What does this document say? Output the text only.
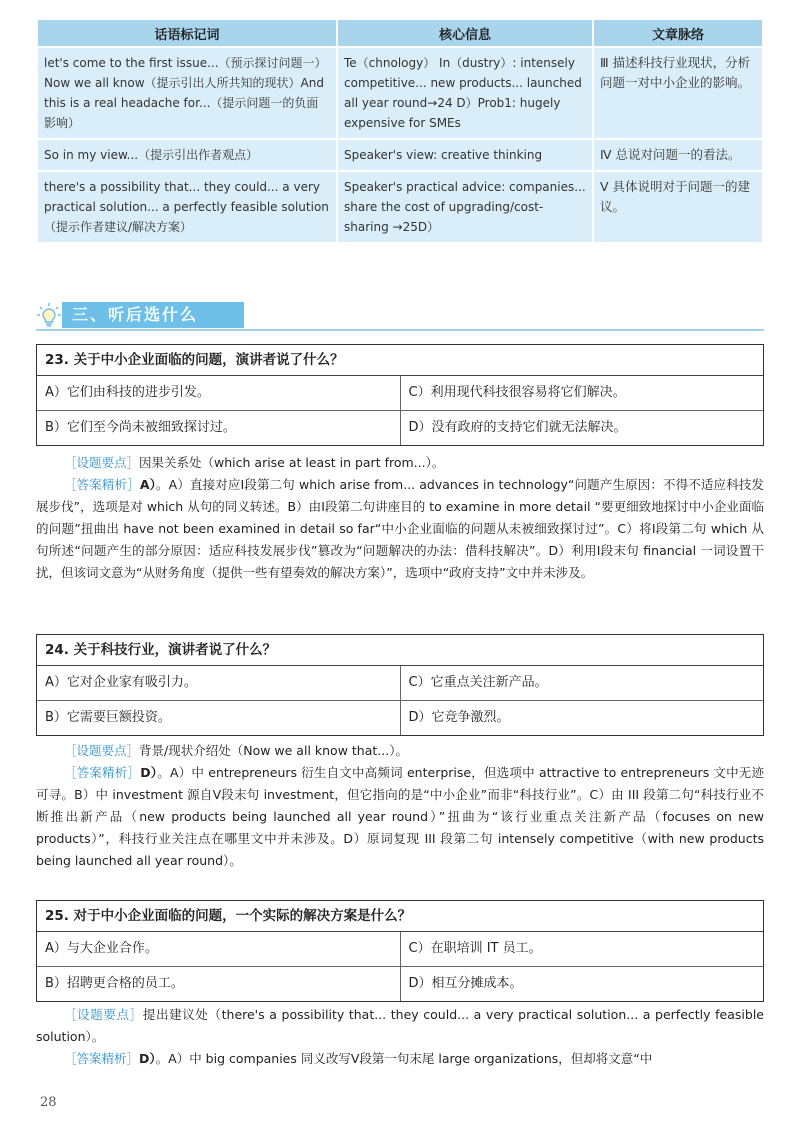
话语标记词	核心信息	文章脉络
let's come to the first issue...（预示探讨问题一）Now we all know（提示引出人所共知的现状）And this is a real headache for...（提示问题一的负面影响）	Te（chnology） In（dustry）: intensely competitive... new products... launched all year round→24 D）Prob1: hugely expensive for SMEs	Ⅲ 描述科技行业现状，分析问题一对中小企业的影响。
So in my view...（提示引出作者观点）	Speaker's view: creative thinking	Ⅳ 总说对问题一的看法。
there's a possibility that... they could... a very practical solution... a perfectly feasible solution（提示作者建议/解决方案）	Speaker's practical advice: companies... share the cost of upgrading/cost-sharing →25D）	Ⅴ 具体说明对于问题一的建议。
三、听后选什么
23. 关于中小企业面临的问题，演讲者说了什么？
A）它们由科技的进步引发。	C）利用现代科技很容易将它们解决。
B）它们至今尚未被细致探讨过。	D）没有政府的支持它们就无法解决。
［设题要点］因果关系处（which arise at least in part from...）。
［答案精析］A）。A）直接对应Ⅰ段第二句 which arise from... advances in technology“问题产生原因：不得不适应科技发展步伐”，选项是对 which 从句的同义转述。B）由Ⅰ段第二句讲座目的 to examine in more detail “要更细致地探讨中小企业面临的问题”扭曲出 have not been examined in detail so far“中小企业面临的问题从未被细致探讨过”。C）将Ⅰ段第二句 which 从句所述“问题产生的部分原因：适应科技发展步伐”篡改为“问题解决的办法：借科技解决”。D）利用Ⅰ段末句 financial 一词设置干扰，但该词文意为“从财务角度（提供一些有望奏效的解决方案）”，选项中“政府支持”文中并未涉及。
24. 关于科技行业，演讲者说了什么？
A）它对企业家有吸引力。	C）它重点关注新产品。
B）它需要巨额投资。	D）它竞争激烈。
［设题要点］背景/现状介绍处（Now we all know that...）。
［答案精析］D）。A）中 entrepreneurs 衍生自文中高频词 enterprise，但选项中 attractive to entrepreneurs 文中无迹可寻。B）中 investment 源自Ⅴ段末句 investment，但它指向的是“中小企业”而非“科技行业”。C）由 III 段第二句“科技行业不断推出新产品（new products being launched all year round）”扭曲为“该行业重点关注新产品（focuses on new products）”，科技行业关注点在哪里文中并未涉及。D）原词复现 III 段第二句 intensely competitive（with new products being launched all year round）。
25. 对于中小企业面临的问题，一个实际的解决方案是什么？
A）与大企业合作。	C）在职培训 IT 员工。
B）招聘更合格的员工。	D）相互分摊成本。
［设题要点］提出建议处（there's a possibility that... they could... a very practical solution... a perfectly feasible solution）。
［答案精析］D）。A）中 big companies 同义改写Ⅴ段第一句末尾 large organizations，但却将文意“中
28
